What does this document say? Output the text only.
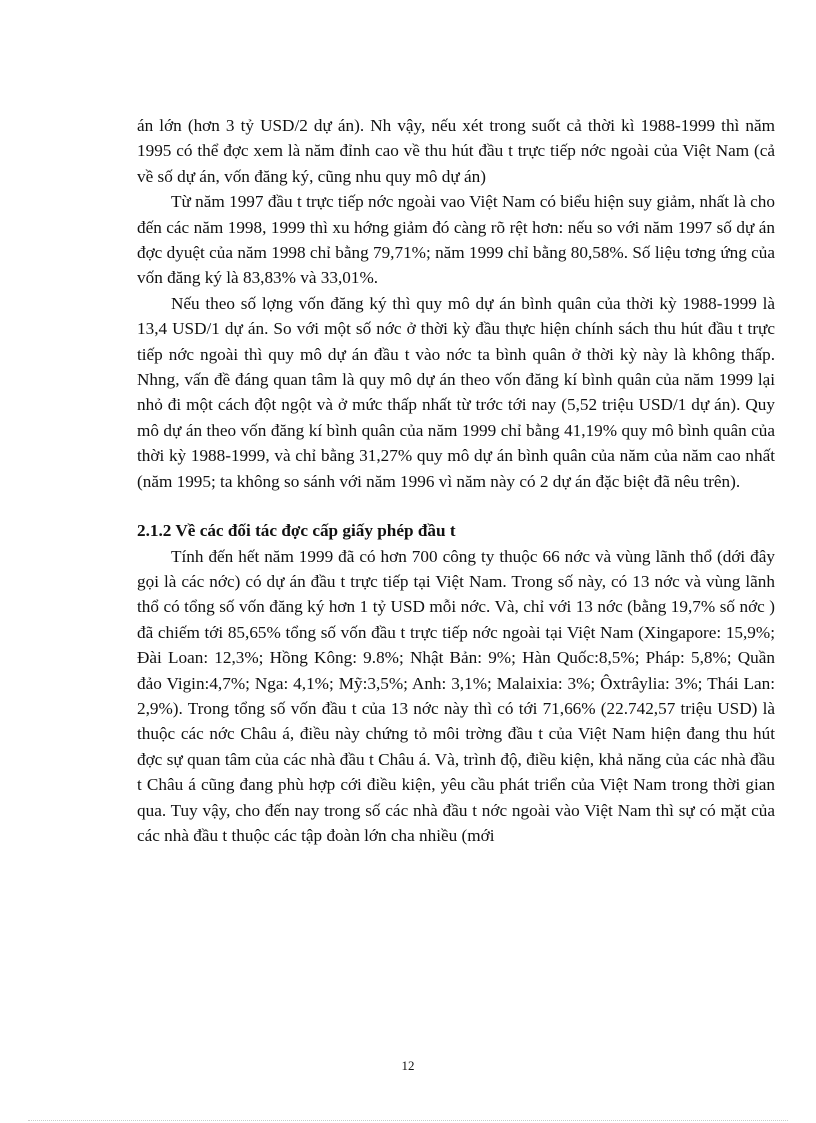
án lớn (hơn 3 tỷ USD/2 dự án). Nh vậy, nếu xét trong suốt cả thời kì 1988-1999 thì năm 1995 có thể đợc xem là năm đỉnh cao về thu hút đầu t trực tiếp nớc ngoài của Việt Nam (cả về số dự án, vốn đăng ký, cũng nhu quy mô dự án)

Từ năm 1997 đầu t trực tiếp nớc ngoài vao Việt Nam có biểu hiện suy giảm, nhất là cho đến các năm 1998, 1999 thì xu hớng giảm đó càng rõ rệt hơn: nếu so với năm 1997 số dự án đợc dyuệt của năm 1998 chỉ bằng 79,71%; năm 1999 chỉ bằng 80,58%. Số liệu tơng ứng của vốn đăng ký là 83,83% và 33,01%.

Nếu theo số lợng vốn đăng ký thì quy mô dự án bình quân của thời kỳ 1988-1999 là 13,4 USD/1 dự án. So với một số nớc ở thời kỳ đầu thực hiện chính sách thu hút đầu t trực tiếp nớc ngoài thì quy mô dự án đầu t vào nớc ta bình quân ở thời kỳ này là không thấp. Nhng, vấn đề đáng quan tâm là quy mô dự án theo vốn đăng kí bình quân của năm 1999 lại nhỏ đi một cách đột ngột và ở mức thấp nhất từ trớc tới nay (5,52 triệu USD/1 dự án). Quy mô dự án theo vốn đăng kí bình quân của năm 1999 chỉ bằng 41,19% quy mô bình quân của thời kỳ 1988-1999, và chỉ bằng 31,27% quy mô dự án bình quân của năm của năm cao nhất (năm 1995; ta không so sánh với năm 1996 vì năm này có 2 dự án đặc biệt đã nêu trên).

2.1.2 Về các đối tác đợc cấp giấy phép đầu t

Tính đến hết năm 1999 đã có hơn 700 công ty thuộc 66 nớc và vùng lãnh thổ (dới đây gọi là các nớc) có dự án đầu t trực tiếp tại Việt Nam. Trong số này, có 13 nớc và vùng lãnh thổ có tổng số vốn đăng ký hơn 1 tỷ USD mỗi nớc. Và, chỉ với 13 nớc (bằng 19,7% số nớc ) đã chiếm tới 85,65% tổng số vốn đầu t trực tiếp nớc ngoài tại Việt Nam (Xingapore: 15,9%; Đài Loan: 12,3%; Hồng Kông: 9.8%; Nhật Bản: 9%; Hàn Quốc:8,5%; Pháp: 5,8%; Quần đảo Vigin:4,7%; Nga: 4,1%; Mỹ:3,5%; Anh: 3,1%; Malaixia: 3%; Ôxtrâylia: 3%; Thái Lan: 2,9%). Trong tổng số vốn đầu t của 13 nớc này thì có tới 71,66% (22.742,57 triệu USD) là thuộc các nớc Châu á, điều này chứng tỏ môi trờng đầu t của Việt Nam hiện đang thu hút đợc sự quan tâm của các nhà đầu t Châu á. Và, trình độ, điều kiện, khả năng của các nhà đầu t Châu á cũng đang phù hợp cới điều kiện, yêu cầu phát triển của Việt Nam trong thời gian qua. Tuy vậy, cho đến nay trong số các nhà đầu t nớc ngoài vào Việt Nam thì sự có mặt của các nhà đầu t thuộc các tập đoàn lớn cha nhiều (mới

12
